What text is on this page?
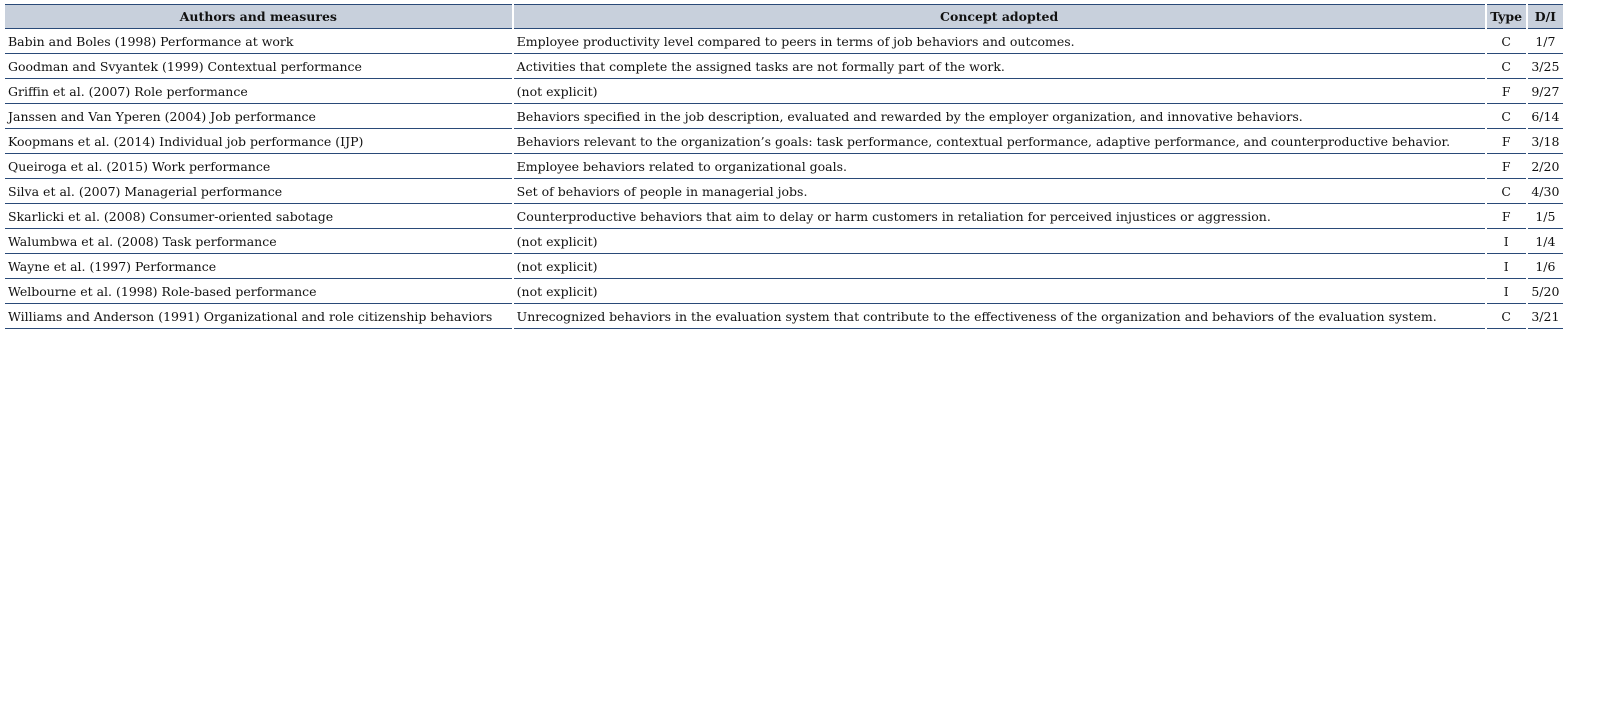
Authors and measures	Concept adopted	Type	D/I
Babin and Boles (1998) Performance at work	Employee productivity level compared to peers in terms of job behaviors and outcomes.	C	1/7
Goodman and Svyantek (1999) Contextual performance	Activities that complete the assigned tasks are not formally part of the work.	C	3/25
Griffin et al. (2007) Role performance	(not explicit)	F	9/27
Janssen and Van Yperen (2004) Job performance	Behaviors specified in the job description, evaluated and rewarded by the employer organization, and innovative behaviors.	C	6/14
Koopmans et al. (2014) Individual job performance (IJP)	Behaviors relevant to the organization’s goals: task performance, contextual performance, adaptive performance, and counterproductive behavior.	F	3/18
Queiroga et al. (2015) Work performance	Employee behaviors related to organizational goals.	F	2/20
Silva et al. (2007) Managerial performance	Set of behaviors of people in managerial jobs.	C	4/30
Skarlicki et al. (2008) Consumer-oriented sabotage	Counterproductive behaviors that aim to delay or harm customers in retaliation for perceived injustices or aggression.	F	1/5
Walumbwa et al. (2008) Task performance	(not explicit)	I	1/4
Wayne et al. (1997) Performance	(not explicit)	I	1/6
Welbourne et al. (1998) Role-based performance	(not explicit)	I	5/20
Williams and Anderson (1991) Organizational and role citizenship behaviors	Unrecognized behaviors in the evaluation system that contribute to the effectiveness of the organization and behaviors of the evaluation system.	C	3/21
